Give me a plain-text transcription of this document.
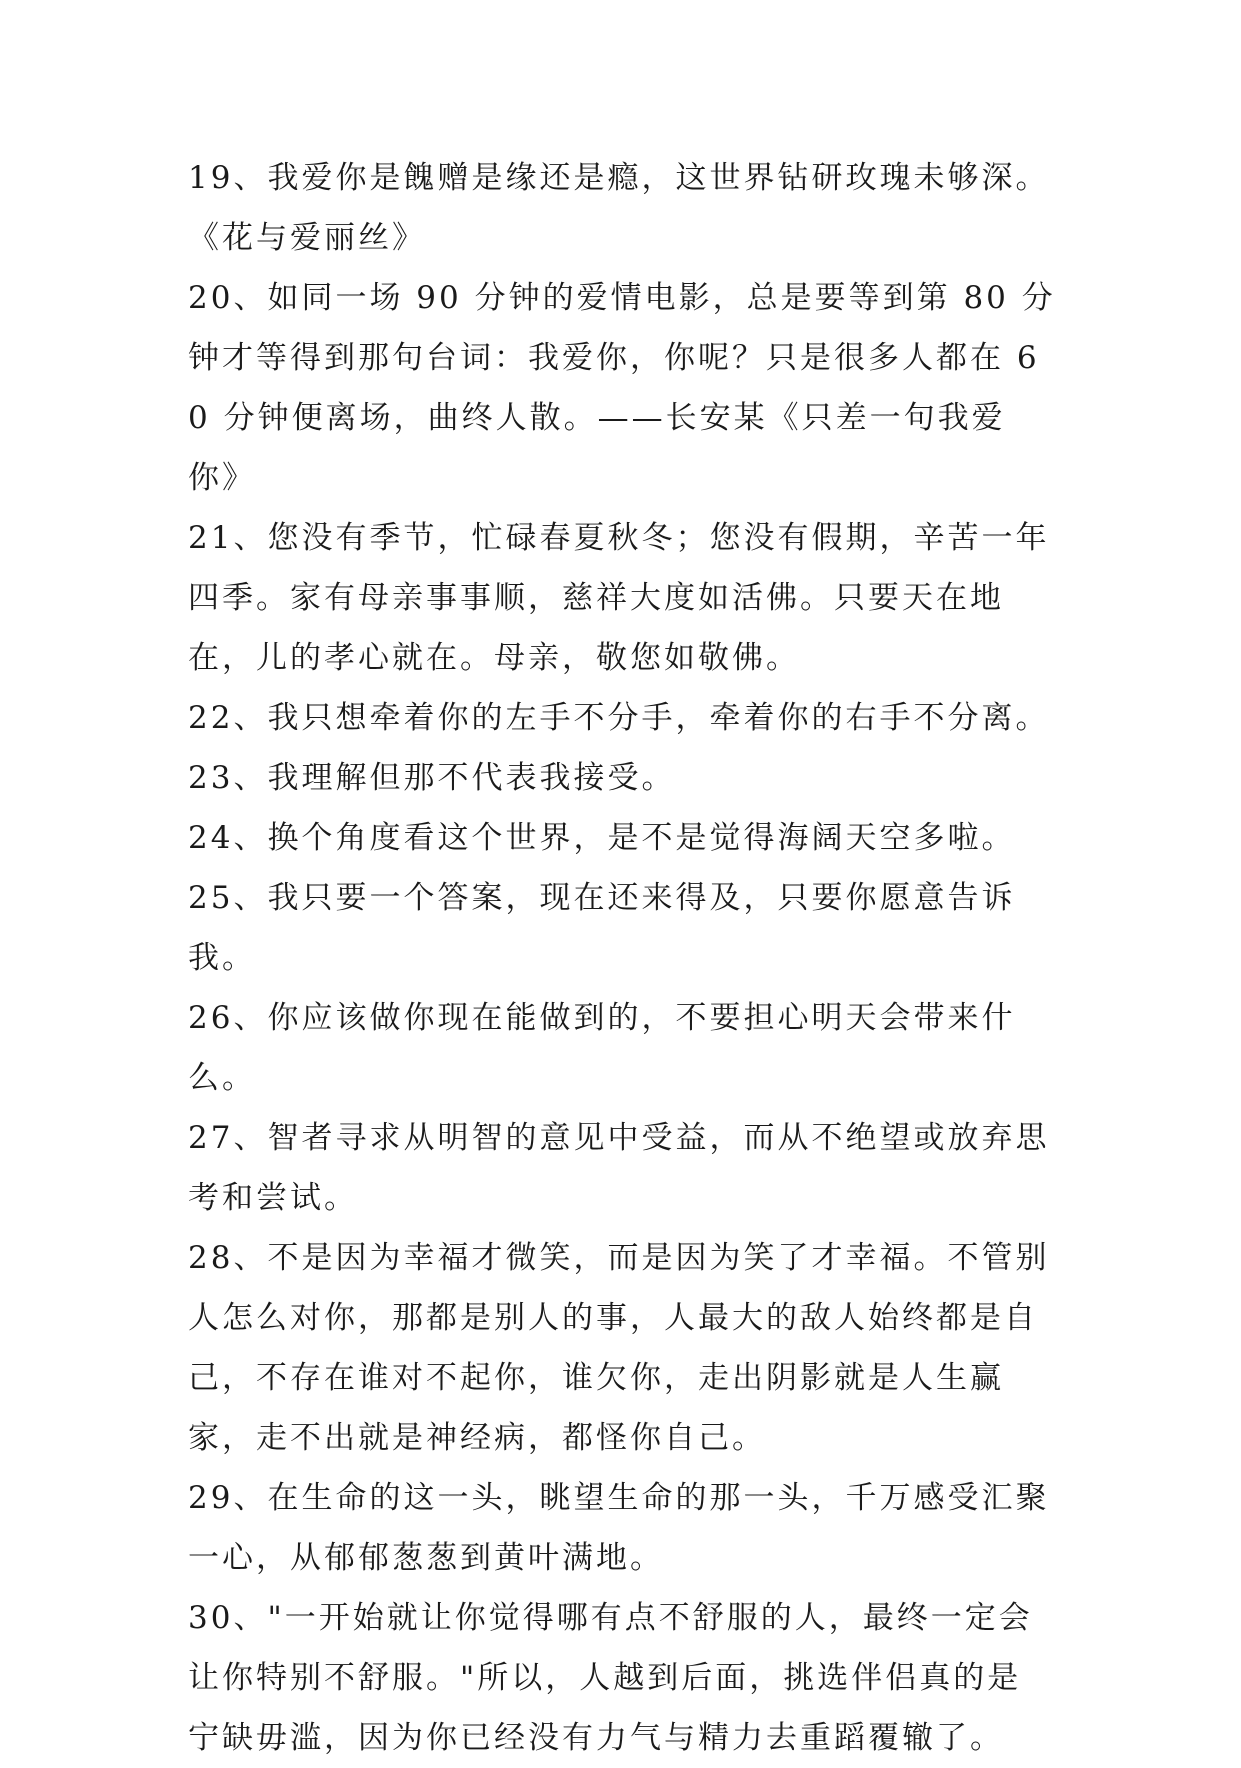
19、我爱你是餽赠是缘还是瘾，这世界钻研玫瑰未够深。《花与爱丽丝》

20、如同一场 90 分钟的爱情电影，总是要等到第 80 分钟才等得到那句台词：我爱你，你呢？只是很多人都在 60 分钟便离场，曲终人散。——长安某《只差一句我爱你》

21、您没有季节，忙碌春夏秋冬；您没有假期，辛苦一年四季。家有母亲事事顺，慈祥大度如活佛。只要天在地在，儿的孝心就在。母亲，敬您如敬佛。

22、我只想牵着你的左手不分手，牵着你的右手不分离。

23、我理解但那不代表我接受。

24、换个角度看这个世界，是不是觉得海阔天空多啦。

25、我只要一个答案，现在还来得及，只要你愿意告诉我。

26、你应该做你现在能做到的，不要担心明天会带来什么。

27、智者寻求从明智的意见中受益，而从不绝望或放弃思考和尝试。

28、不是因为幸福才微笑，而是因为笑了才幸福。不管别人怎么对你，那都是别人的事，人最大的敌人始终都是自己，不存在谁对不起你，谁欠你，走出阴影就是人生赢家，走不出就是神经病，都怪你自己。

29、在生命的这一头，眺望生命的那一头，千万感受汇聚一心，从郁郁葱葱到黄叶满地。

30、"一开始就让你觉得哪有点不舒服的人，最终一定会让你特别不舒服。"所以，人越到后面，挑选伴侣真的是 宁缺毋滥，因为你已经没有力气与精力去重蹈覆辙了。
